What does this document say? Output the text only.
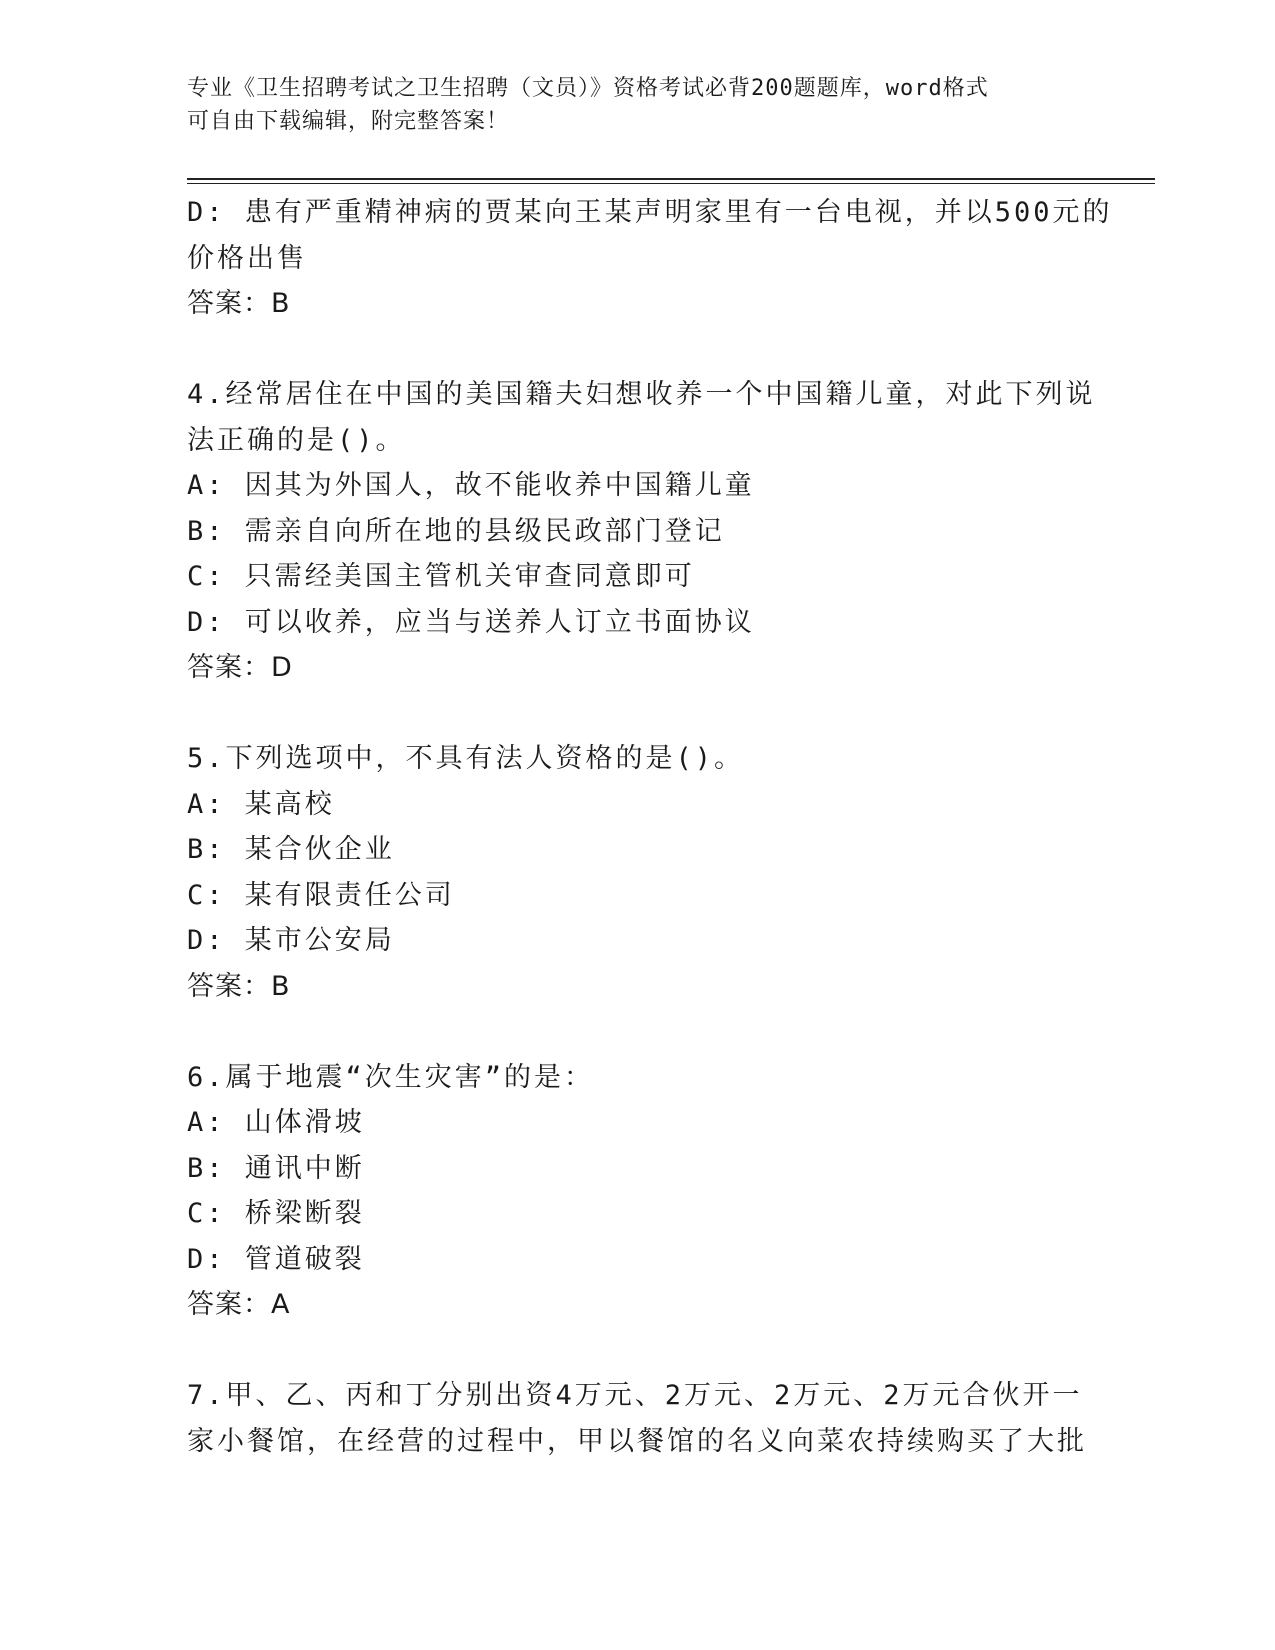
专业《卫生招聘考试之卫生招聘（文员）》资格考试必背200题题库，word格式
可自由下载编辑，附完整答案！
D: 患有严重精神病的贾某向王某声明家里有一台电视，并以500元的
价格出售
答案：B
4.经常居住在中国的美国籍夫妇想收养一个中国籍儿童，对此下列说
法正确的是()。
A: 因其为外国人，故不能收养中国籍儿童
B: 需亲自向所在地的县级民政部门登记
C: 只需经美国主管机关审查同意即可
D: 可以收养，应当与送养人订立书面协议
答案：D
5.下列选项中，不具有法人资格的是()。
A: 某高校
B: 某合伙企业
C: 某有限责任公司
D: 某市公安局
答案：B
6.属于地震“次生灾害”的是：
A: 山体滑坡
B: 通讯中断
C: 桥梁断裂
D: 管道破裂
答案：A
7.甲、乙、丙和丁分别出资4万元、2万元、2万元、2万元合伙开一
家小餐馆，在经营的过程中，甲以餐馆的名义向菜农持续购买了大批
